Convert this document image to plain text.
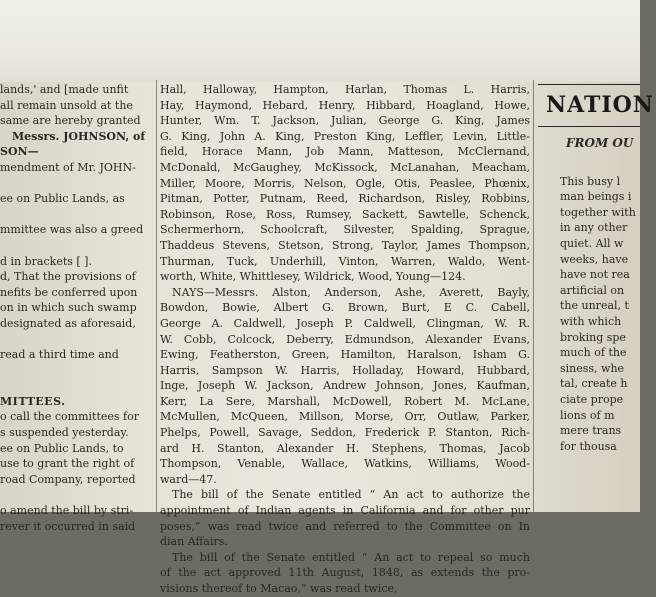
lands,' and [made unfit
all remain unsold at the
same are hereby granted
Messrs. JOHNSON, of
SON—
mendment of Mr. JOHN-

ee on Public Lands, as

mmittee was also a greed

d in brackets [ ].
d, That the provisions of
nefits be conferred upon
on in which such swamp
designated as aforesaid,

read a third time and

MITTEES.
o call the committees for
s suspended yesterday.
ee on Public Lands, to
use to grant the right of
road Company, reported

o amend the bill by stri-
rever it occurred in said
Hall, Halloway, Hampton, Harlan, Thomas L. Harris,
Hay, Haymond, Hebard, Henry, Hibbard, Hoagland, Howe,
Hunter, Wm. T. Jackson, Julian, George G. King, James
G. King, John A. King, Preston King, Leffler, Levin, Little-
field, Horace Mann, Job Mann, Matteson, McClernand,
McDonald, McGaughey, McKissock, McLanahan, Meacham,
Miller, Moore, Morris, Nelson, Ogle, Otis, Peaslee, Phœnix,
Pitman, Potter, Putnam, Reed, Richardson, Risley, Robbins,
Robinson, Rose, Ross, Rumsey, Sackett, Sawtelle, Schenck,
Schermerhorn, Schoolcraft, Silvester, Spalding, Sprague,
Thaddeus Stevens, Stetson, Strong, Taylor, James Thompson,
Thurman, Tuck, Underhill, Vinton, Warren, Waldo, Went-
worth, White, Whittlesey, Wildrick, Wood, Young—124.
NAYS—Messrs. Alston, Anderson, Ashe, Averett, Bayly,
Bowdon, Bowie, Albert G. Brown, Burt, E C. Cabell,
George A. Caldwell, Joseph P. Caldwell, Clingman, W. R.
W. Cobb, Colcock, Deberry, Edmundson, Alexander Evans,
Ewing, Featherston, Green, Hamilton, Haralson, Isham G.
Harris, Sampson W. Harris, Holladay, Howard, Hubbard,
Inge, Joseph W. Jackson, Andrew Johnson, Jones, Kaufman,
Kerr, La Sere, Marshall, McDowell, Robert M. McLane,
McMullen, McQueen, Millson, Morse, Orr, Outlaw, Parker,
Phelps, Powell, Savage, Seddon, Frederick P. Stanton, Rich-
ard H. Stanton, Alexander H. Stephens, Thomas, Jacob
Thompson, Venable, Wallace, Watkins, Williams, Wood-
ward—47.
The bill of the Senate entitled “ An act to authorize the
appointment of Indian agents in California and for other pur
poses,” was read twice and referred to the Committee on In
dian Affairs.
The bill of the Senate entitled “ An act to repeal so much
of the act approved 11th August, 1848, as extends the pro-
visions thereof to Macao,” was read twice,
NATION
FROM OU

This busy l
man beings i
together with
in any other
quiet. All w
weeks, have
have not rea
artificial on
the unreal, t
with which
broking spe
much of the
siness, whe
tal, create h
ciate prope
lions of m
mere trans
for thousa
